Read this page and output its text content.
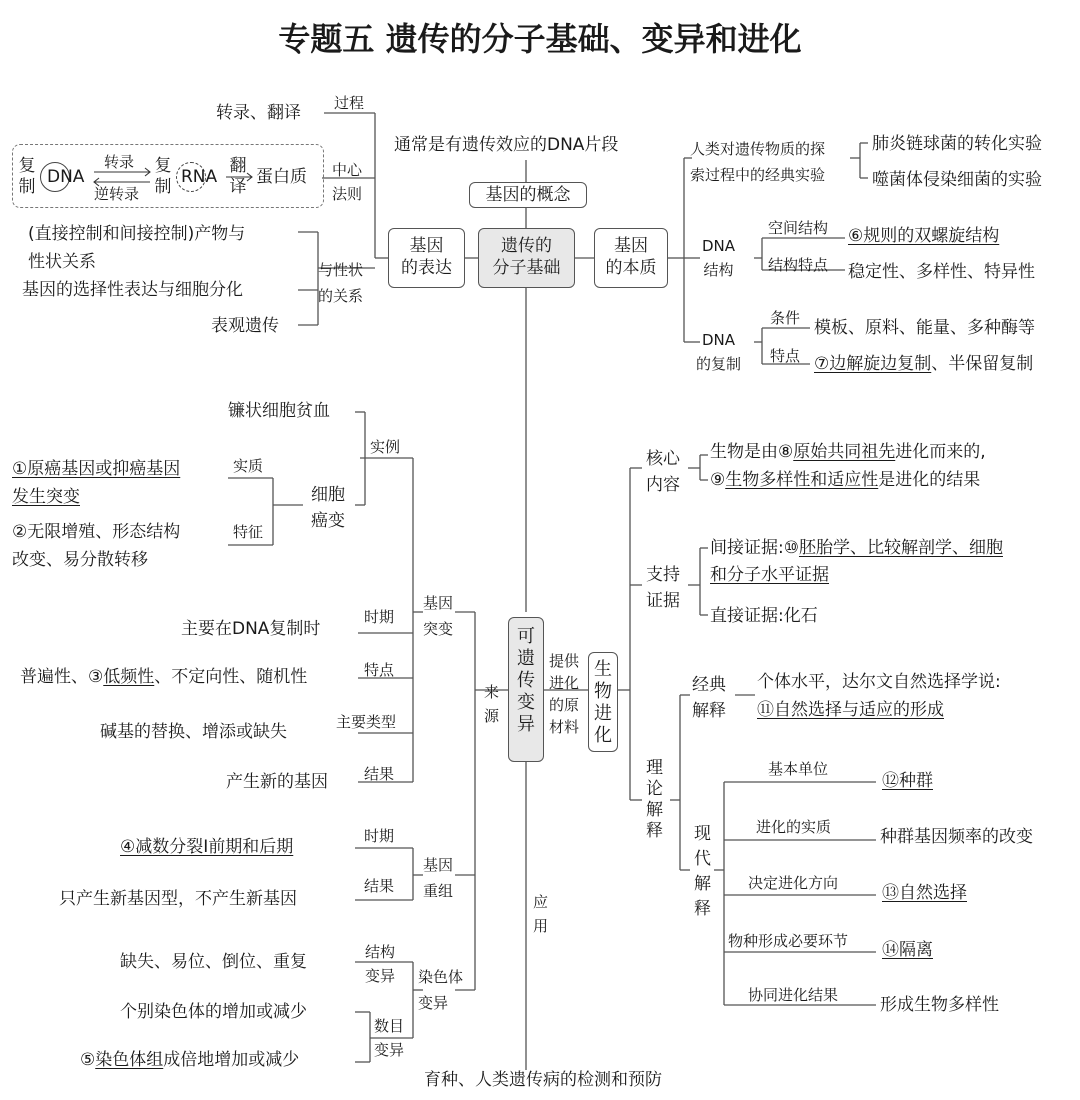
专题五 遗传的分子基础、变异和进化
通常是有遗传效应的DNA片段
基因的概念
遗传的
分子基础
基因
的表达
基因
的本质
转录、翻译 过程
中心
法则
复制 DNA
转录
逆转录
复制 RNA
翻译 蛋白质
与性状
的关系
(直接控制和间接控制)产物与
性状关系
基因的选择性表达与细胞分化
表观遗传
人类对遗传物质的探
索过程中的经典实验
肺炎链球菌的转化实验
噬菌体侵染细菌的实验
DNA
结构
空间结构 ⑥规则的双螺旋结构
结构特点 稳定性、多样性、特异性
DNA
的复制
条件 模板、原料、能量、多种酶等
特点 ⑦边解旋边复制、半保留复制
可遗传变异
来
源
实例
镰状细胞贫血
细胞
癌变
实质
①原癌基因或抑癌基因
发生突变
特征
②无限增殖、形态结构
改变、易分散转移
基因
突变
时期
主要在DNA复制时
特点
普遍性、③低频性、不定向性、随机性
主要类型
碱基的替换、增添或缺失
结果
产生新的基因
基因
重组
时期
④减数分裂Ⅰ前期和后期
结果
只产生新基因型，不产生新基因
染色体
变异
结构
变异
缺失、易位、倒位、重复
数目
变异
个别染色体的增加或减少
⑤染色体组成倍地增加或减少
应
用
育种、人类遗传病的检测和预防
提供
进化
的原
材料
生物进化
核心
内容
生物是由⑧原始共同祖先进化而来的,
⑨生物多样性和适应性是进化的结果
支持
证据
间接证据:⑩胚胎学、比较解剖学、细胞
和分子水平证据
直接证据:化石
理
论
解
释
经典
解释
个体水平，达尔文自然选择学说:
⑪自然选择与适应的形成
现
代
解
释
基本单位
⑫种群
进化的实质	种群基因频率的改变
决定进化方向	⑬自然选择
物种形成必要环节 ⑭隔离
协同进化结果 形成生物多样性
